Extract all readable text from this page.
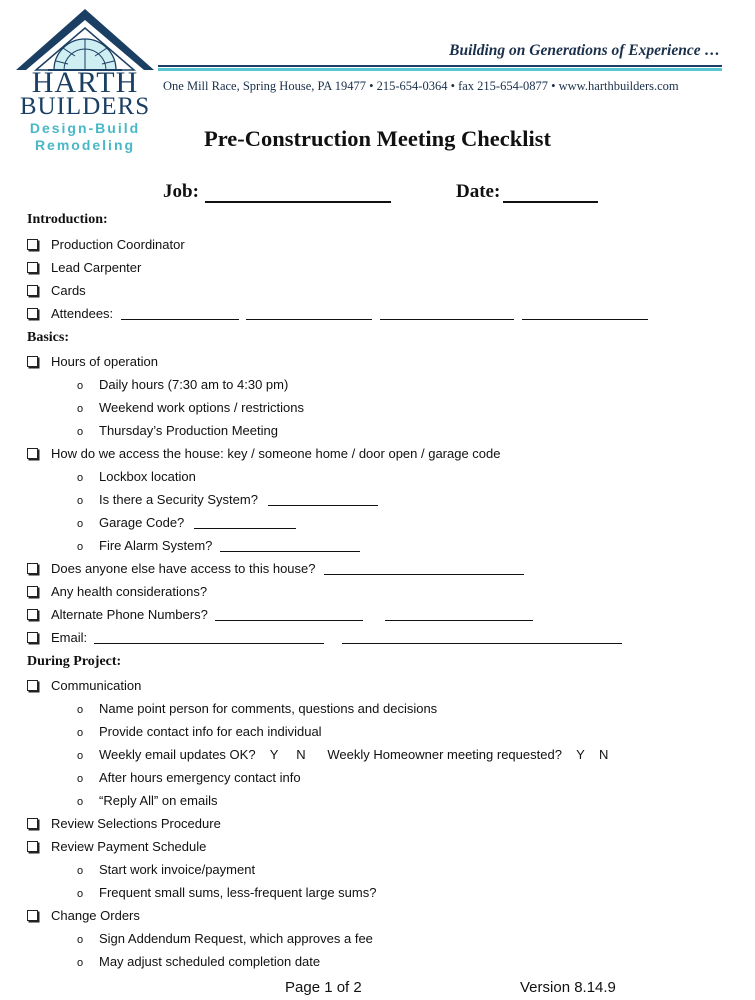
HARTH
BUILDERS
Design-Build
Remodeling
Building on Generations of Experience …
One Mill Race, Spring House, PA 19477 • 215-654-0364 • fax 215-654-0877 • www.harthbuilders.com
Pre-Construction Meeting Checklist
Job:	Date:
Introduction:
Production Coordinator
Lead Carpenter
Cards
Attendees:
Basics:
Hours of operation
o Daily hours (7:30 am to 4:30 pm)
o Weekend work options / restrictions
o Thursday’s Production Meeting
How do we access the house: key / someone home / door open / garage code
o Lockbox location
o Is there a Security System?
o Garage Code?
o Fire Alarm System?
Does anyone else have access to this house?
Any health considerations?
Alternate Phone Numbers?
Email:
During Project:
Communication
o Name point person for comments, questions and decisions
o Provide contact info for each individual
o Weekly email updates OK?    Y     N      Weekly Homeowner meeting requested?    Y    N
o After hours emergency contact info
o “Reply All” on emails
Review Selections Procedure
Review Payment Schedule
o Start work invoice/payment
o Frequent small sums, less-frequent large sums?
Change Orders
o Sign Addendum Request, which approves a fee
o May adjust scheduled completion date
Page 1 of 2	Version 8.14.9
